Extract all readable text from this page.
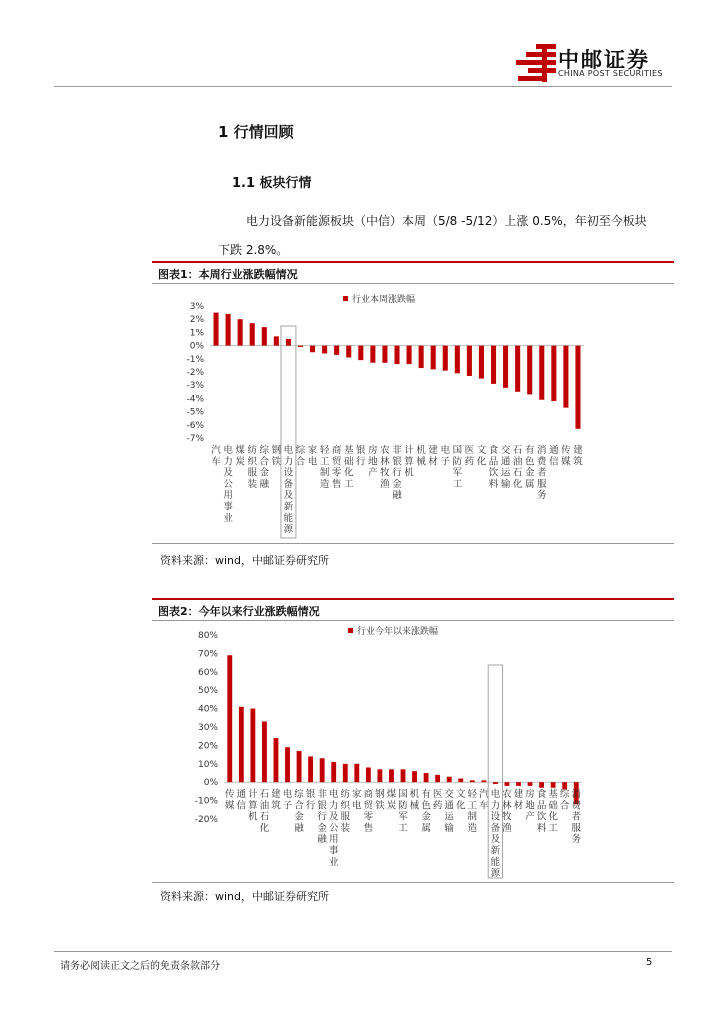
中邮证券
CHINA POST SECURITIES
1 行情回顾
1.1 板块行情
电力设备新能源板块（中信）本周（5/8 -5/12）上涨 0.5%，年初至今板块
下跌 2.8%。
图表1：本周行业涨跌幅情况
行业本周涨跌幅
3%
2%
1%
0%
-1%
-2%
-3%
-4%
-5%
-6%
-7%
汽车
电力及公用事业
煤炭
纺织服装
综合金融
钢铁
电力设备及新能源
综合
家电
轻工制造
商贸零售
基础化工
银行
房地产
农林牧渔
非银行金融
计算机
机械
建材
电子
国防军工
医药
文化
食品饮料
交通运输
石油石化
有色金属
消费者服务
通信
传媒
建筑
资料来源：wind，中邮证券研究所
图表2：今年以来行业涨跌幅情况
行业今年以来涨跌幅
80%
70%
60%
50%
40%
30%
20%
10%
0%
-10%
-20%
传媒
通信
计算机
石油石化
建筑
电子
综合金融
银行
非银行金融
电力及公用事业
纺织服装
家电
商贸零售
钢铁
煤炭
国防军工
机械
有色金属
医药
交通运输
文化
轻工制造
汽车
电力设备及新能源
农林牧渔
建材
房地产
食品饮料
基础化工
综合
消费者服务
资料来源：wind，中邮证券研究所
请务必阅读正文之后的免责条款部分	5
